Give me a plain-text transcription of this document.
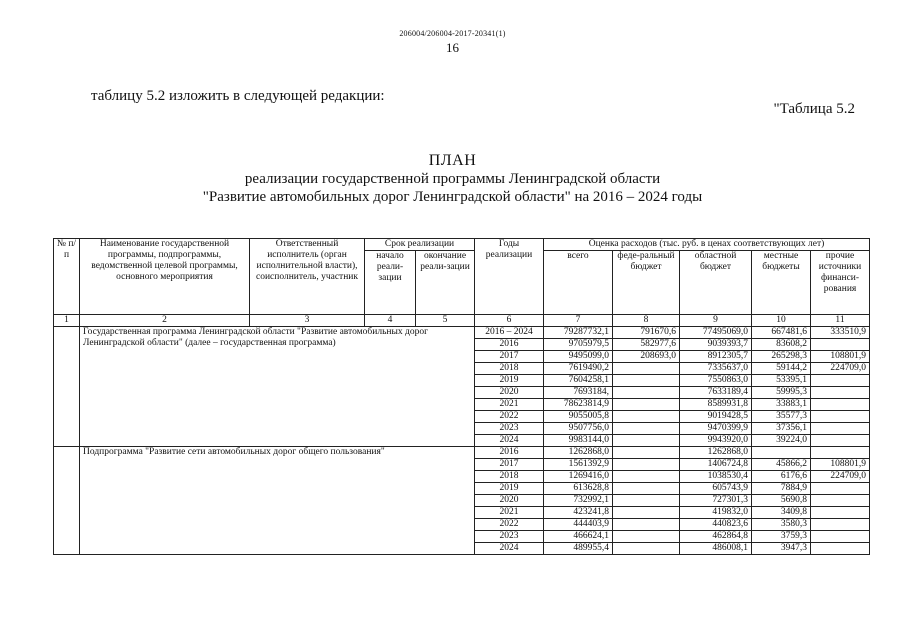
206004/206004-2017-20341(1)
16
таблицу 5.2 изложить в следующей редакции:
"Таблица 5.2
ПЛАН
реализации государственной программы Ленинградской области
"Развитие автомобильных дорог Ленинградской области" на 2016 – 2024 годы
№ п/п	Наименование государственной программы, подпрограммы, ведомственной целевой программы, основного мероприятия	Ответственный исполнитель (орган исполнительной власти), соисполнитель, участник	Срок реализации		Годы реализации	Оценка расходов (тыс. руб. в ценах соответствующих лет)				
			начало реали-зации	окончание реали-зации		всего	феде-ральный бюджет	областной бюджет	местные бюджеты	прочие источники финанси-рования
1	2	3	4	5	6	7	8	9	10	11
	Государственная программа Ленинградской области "Развитие автомобильных дорог Ленинградской области" (далее – государственная программа)				2016 – 2024	79287732,1	791670,6	77495069,0	667481,6	333510,9
					2016	9705979,5	582977,6	9039393,7	83608,2	
					2017	9495099,0	208693,0	8912305,7	265298,3	108801,9
					2018	7619490,2		7335637,0	59144,2	224709,0
					2019	7604258,1		7550863,0	53395,1	
					2020	7693184,		7633189,4	59995,3	
					2021	78623814,9		8589931,8	33883,1	
					2022	9055005,8		9019428,5	35577,3	
					2023	9507756,0		9470399,9	37356,1	
					2024	9983144,0		9943920,0	39224,0	
	Подпрограмма "Развитие сети автомобильных дорог общего пользования"				2016	1262868,0		1262868,0		
					2017	1561392,9		1406724,8	45866,2	108801,9
					2018	1269416,0		1038530,4	6176,6	224709,0
					2019	613628,8		605743,9	7884,9	
					2020	732992,1		727301,3	5690,8	
					2021	423241,8		419832,0	3409,8	
					2022	444403,9		440823,6	3580,3	
					2023	466624,1		462864,8	3759,3	
					2024	489955,4		486008,1	3947,3	
